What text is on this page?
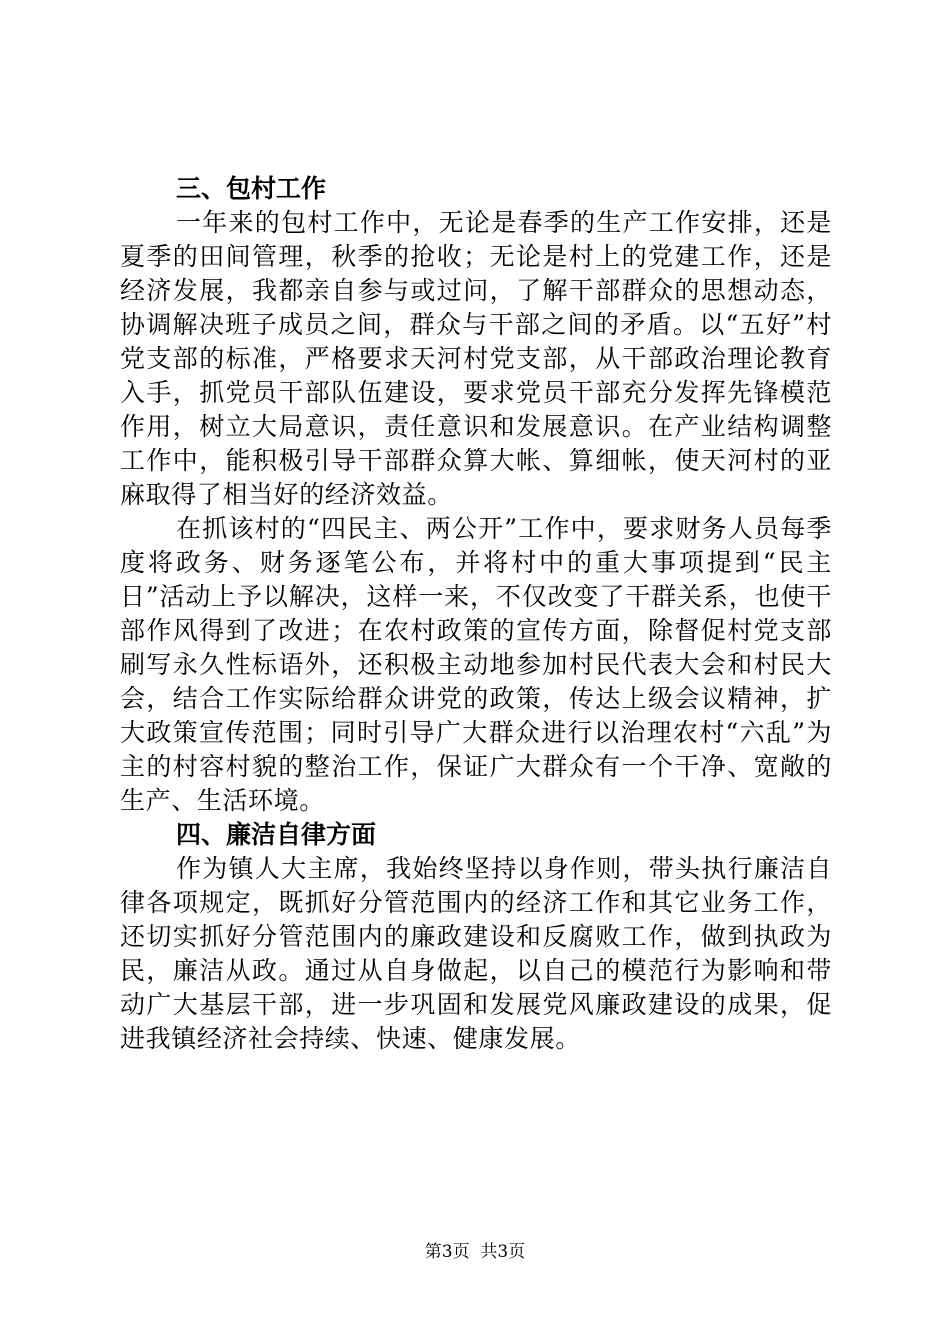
三、包村工作

一年来的包村工作中，无论是春季的生产工作安排，还是夏季的田间管理，秋季的抢收；无论是村上的党建工作，还是经济发展，我都亲自参与或过问，了解干部群众的思想动态，协调解决班子成员之间，群众与干部之间的矛盾。以“五好”村党支部的标准，严格要求天河村党支部，从干部政治理论教育入手，抓党员干部队伍建设，要求党员干部充分发挥先锋模范作用，树立大局意识，责任意识和发展意识。在产业结构调整工作中，能积极引导干部群众算大帐、算细帐，使天河村的亚麻取得了相当好的经济效益。

在抓该村的“四民主、两公开”工作中，要求财务人员每季度将政务、财务逐笔公布，并将村中的重大事项提到“民主日”活动上予以解决，这样一来，不仅改变了干群关系，也使干部作风得到了改进；在农村政策的宣传方面，除督促村党支部刷写永久性标语外，还积极主动地参加村民代表大会和村民大会，结合工作实际给群众讲党的政策，传达上级会议精神，扩大政策宣传范围；同时引导广大群众进行以治理农村“六乱”为主的村容村貌的整治工作，保证广大群众有一个干净、宽敞的生产、生活环境。

四、廉洁自律方面

作为镇人大主席，我始终坚持以身作则，带头执行廉洁自律各项规定，既抓好分管范围内的经济工作和其它业务工作，还切实抓好分管范围内的廉政建设和反腐败工作，做到执政为民，廉洁从政。通过从自身做起，以自己的模范行为影响和带动广大基层干部，进一步巩固和发展党风廉政建设的成果，促进我镇经济社会持续、快速、健康发展。

第3页 共3页
